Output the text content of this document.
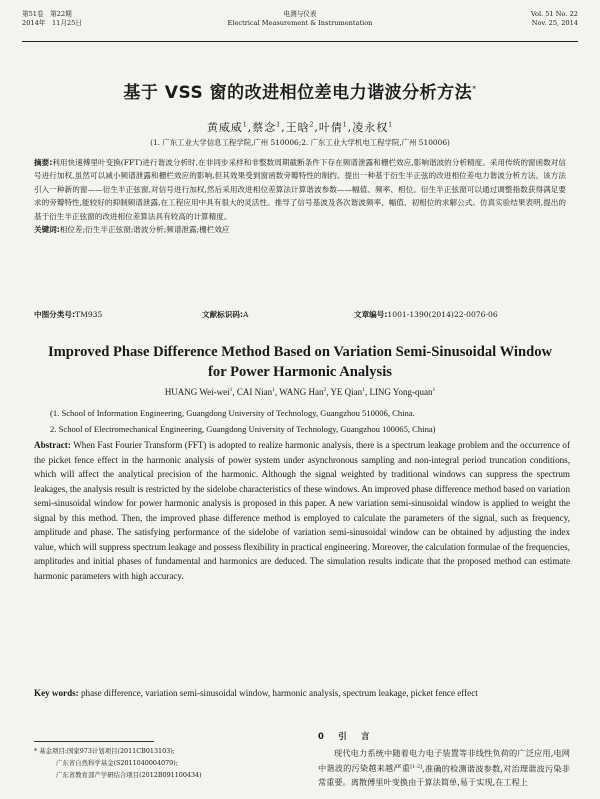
第51卷　第22期
2014年　11月25日
电测与仪表
Electrical Measurement & Instrumentation
Vol. 51 No. 22
Nov. 25, 2014
基于 VSS 窗的改进相位差电力谐波分析方法*
黄威威$^1$,蔡念$^1$,王晗$^2$,叶倩$^1$,凌永权$^1$
(1. 广东工业大学信息工程学院,广州 510006;2. 广东工业大学机电工程学院,广州 510006)
摘要:利用快速傅里叶变换(FFT)进行谐波分析时,在非同步采样和非整数周期截断条件下存在频谱泄露和栅栏效应,影响谐波的分析精度。采用传统的窗函数对信号进行加权,虽然可以减小频谱泄露和栅栏效应的影响,但其效果受到窗函数旁瓣特性的制约。提出一种基于衍生半正弦的改进相位差电力谐波分析方法。该方法引入一种新的窗——衍生半正弦窗,对信号进行加权,然后采用改进相位差算法计算谐波参数——幅值、频率、相位。衍生半正弦窗可以通过调整指数获得满足要求的旁瓣特性,能较好的抑制频谱泄露,在工程应用中具有很大的灵活性。推导了信号基波及各次谐波频率、幅值、初相位的求解公式。仿真实验结果表明,提出的基于衍生半正弦窗的改进相位差算法具有较高的计算精度。
关键词:相位差;衍生半正弦窗;谐波分析;频谱泄露;栅栏效应
中图分类号:TM935	文献标识码:A	文章编号:1001-1390(2014)22-0076-06
Improved Phase Difference Method Based on Variation Semi-Sinusoidal Window for Power Harmonic Analysis
HUANG Wei-wei$^1$, CAI Nian$^1$, WANG Han$^2$, YE Qian$^1$, LING Yong-quan$^1$
(1. School of Information Engineering, Guangdong University of Technology, Guangzhou 510006, China.
2. School of Electromechanical Engineering, Guangdong University of Technology, Guangzhou 100065, China)
Abstract: When Fast Fourier Transform (FFT) is adopted to realize harmonic analysis, there is a spectrum leakage problem and the occurrence of the picket fence effect in the harmonic analysis of power system under asynchronous sampling and non-integral period truncation conditions, which will affect the analytical precision of the harmonic. Although the signal weighted by traditional windows can suppress the spectrum leakages, the analysis result is restricted by the sidelobe characteristics of these windows. An improved phase difference method based on variation semi-sinusoidal window for power harmonic analysis is proposed in this paper. A new variation semi-sinusoidal window is applied to weight the signal by this method. Then, the improved phase difference method is employed to calculate the parameters of the signal, such as frequency, amplitude and phase. The satisfying performance of the sidelobe of variation semi-sinusoidal window can be obtained by adjusting the index value, which will suppress spectrum leakage and possess flexibility in practical engineering. Moreover, the calculation formulae of the frequencies, amplitudes and initial phases of fundamental and harmonics are deduced. The simulation results indicate that the proposed method can estimate harmonic parameters with high accuracy.
Key words: phase difference, variation semi-sinusoidal window, harmonic analysis, spectrum leakage, picket fence effect
* 基金项目:国家973计划项目(2011CB013103);
广东省自然科学基金(S2011040004079);
广东省教育部产学研结合项目(2012B091100434)
0　引　言
现代电力系统中随着电力电子装置等非线性负荷的广泛应用,电网中谐波的污染越来越严重[1-2],准确的检测谐波参数,对治理谐波污染非常重要。离散傅里叶变换由于算法简单,易于实现,在工程上
